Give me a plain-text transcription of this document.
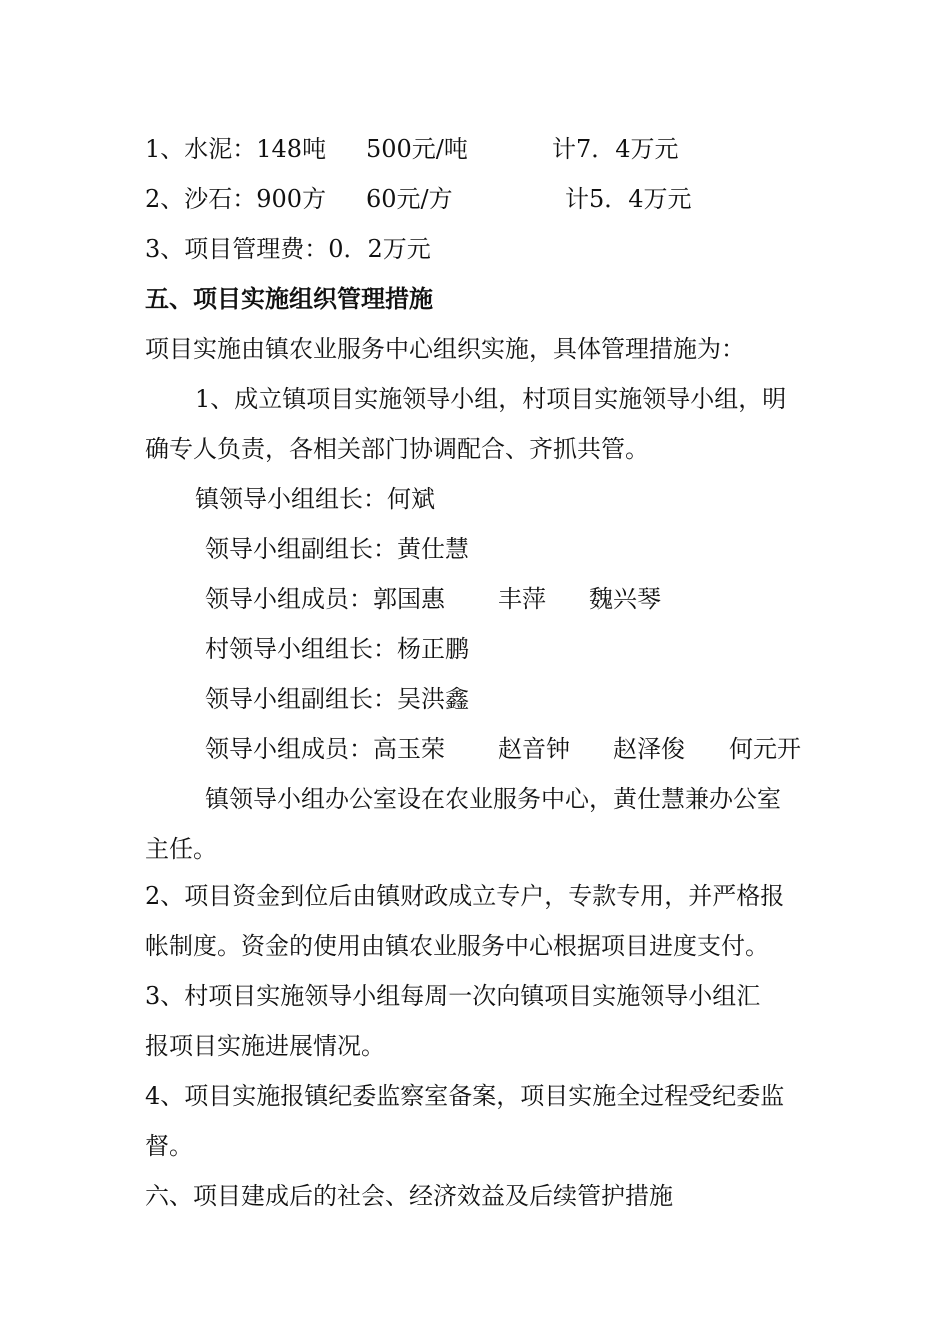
1、水泥：148吨 500元/吨	计7．4万元
2、沙石：900方 60元/方	计5．4万元
3、项目管理费：0．2万元
五、项目实施组织管理措施
项目实施由镇农业服务中心组织实施，具体管理措施为：
1、成立镇项目实施领导小组，村项目实施领导小组，明
确专人负责，各相关部门协调配合、齐抓共管。
镇领导小组组长：何斌
领导小组副组长：黄仕慧
领导小组成员：郭国惠 丰萍 魏兴琴
村领导小组组长：杨正鹏
领导小组副组长：吴洪鑫
领导小组成员：高玉荣 赵音钟 赵泽俊 何元开
镇领导小组办公室设在农业服务中心，黄仕慧兼办公室
主任。
2、项目资金到位后由镇财政成立专户，专款专用，并严格报
帐制度。资金的使用由镇农业服务中心根据项目进度支付。
3、村项目实施领导小组每周一次向镇项目实施领导小组汇
报项目实施进展情况。
4、项目实施报镇纪委监察室备案，项目实施全过程受纪委监
督。
六、项目建成后的社会、经济效益及后续管护措施
